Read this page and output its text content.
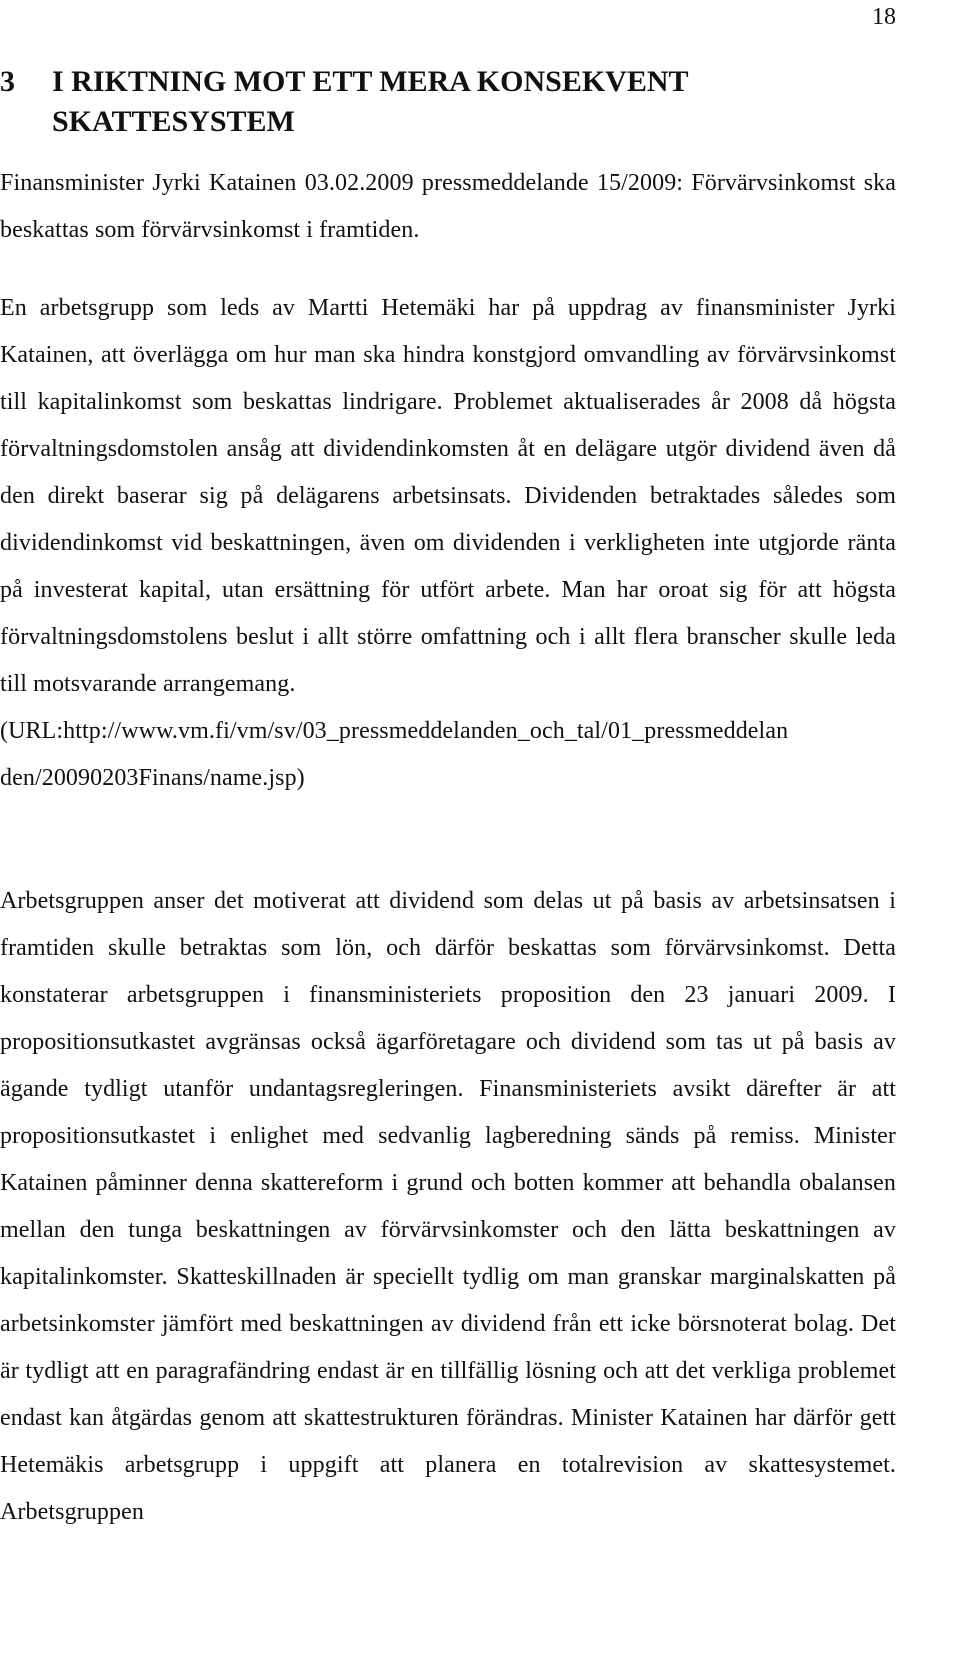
18
3 I RIKTNING MOT ETT MERA KONSEKVENT SKATTESYSTEM

Finansminister Jyrki Katainen 03.02.2009 pressmeddelande 15/2009: Förvärvsinkomst ska beskattas som förvärvsinkomst i framtiden.

En arbetsgrupp som leds av Martti Hetemäki har på uppdrag av finansminister Jyrki Katainen, att överlägga om hur man ska hindra konstgjord omvandling av förvärvsinkomst till kapitalinkomst som beskattas lindrigare. Problemet aktualiserades år 2008 då högsta förvaltningsdomstolen ansåg att dividendinkomsten åt en delägare utgör dividend även då den direkt baserar sig på delägarens arbetsinsats. Dividenden betraktades således som dividendinkomst vid beskattningen, även om dividenden i verkligheten inte utgjorde ränta på investerat kapital, utan ersättning för utfört arbete. Man har oroat sig för att högsta förvaltningsdomstolens beslut i allt större omfattning och i allt flera branscher skulle leda till motsvarande arrangemang.
(URL:http://www.vm.fi/vm/sv/03_pressmeddelanden_och_tal/01_pressmeddelan
den/20090203Finans/name.jsp)

Arbetsgruppen anser det motiverat att dividend som delas ut på basis av arbetsinsatsen i framtiden skulle betraktas som lön, och därför beskattas som förvärvsinkomst. Detta konstaterar arbetsgruppen i finansministeriets proposition den 23 januari 2009. I propositionsutkastet avgränsas också ägarföretagare och dividend som tas ut på basis av ägande tydligt utanför undantagsregleringen. Finansministeriets avsikt därefter är att propositionsutkastet i enlighet med sedvanlig lagberedning sänds på remiss. Minister Katainen påminner denna skattereform i grund och botten kommer att behandla obalansen mellan den tunga beskattningen av förvärvsinkomster och den lätta beskattningen av kapitalinkomster. Skatteskillnaden är speciellt tydlig om man granskar marginalskatten på arbetsinkomster jämfört med beskattningen av dividend från ett icke börsnoterat bolag. Det är tydligt att en paragrafändring endast är en tillfällig lösning och att det verkliga problemet endast kan åtgärdas genom att skattestrukturen förändras. Minister Katainen har därför gett Hetemäkis arbetsgrupp i uppgift att planera en totalrevision av skattesystemet. Arbetsgruppen
